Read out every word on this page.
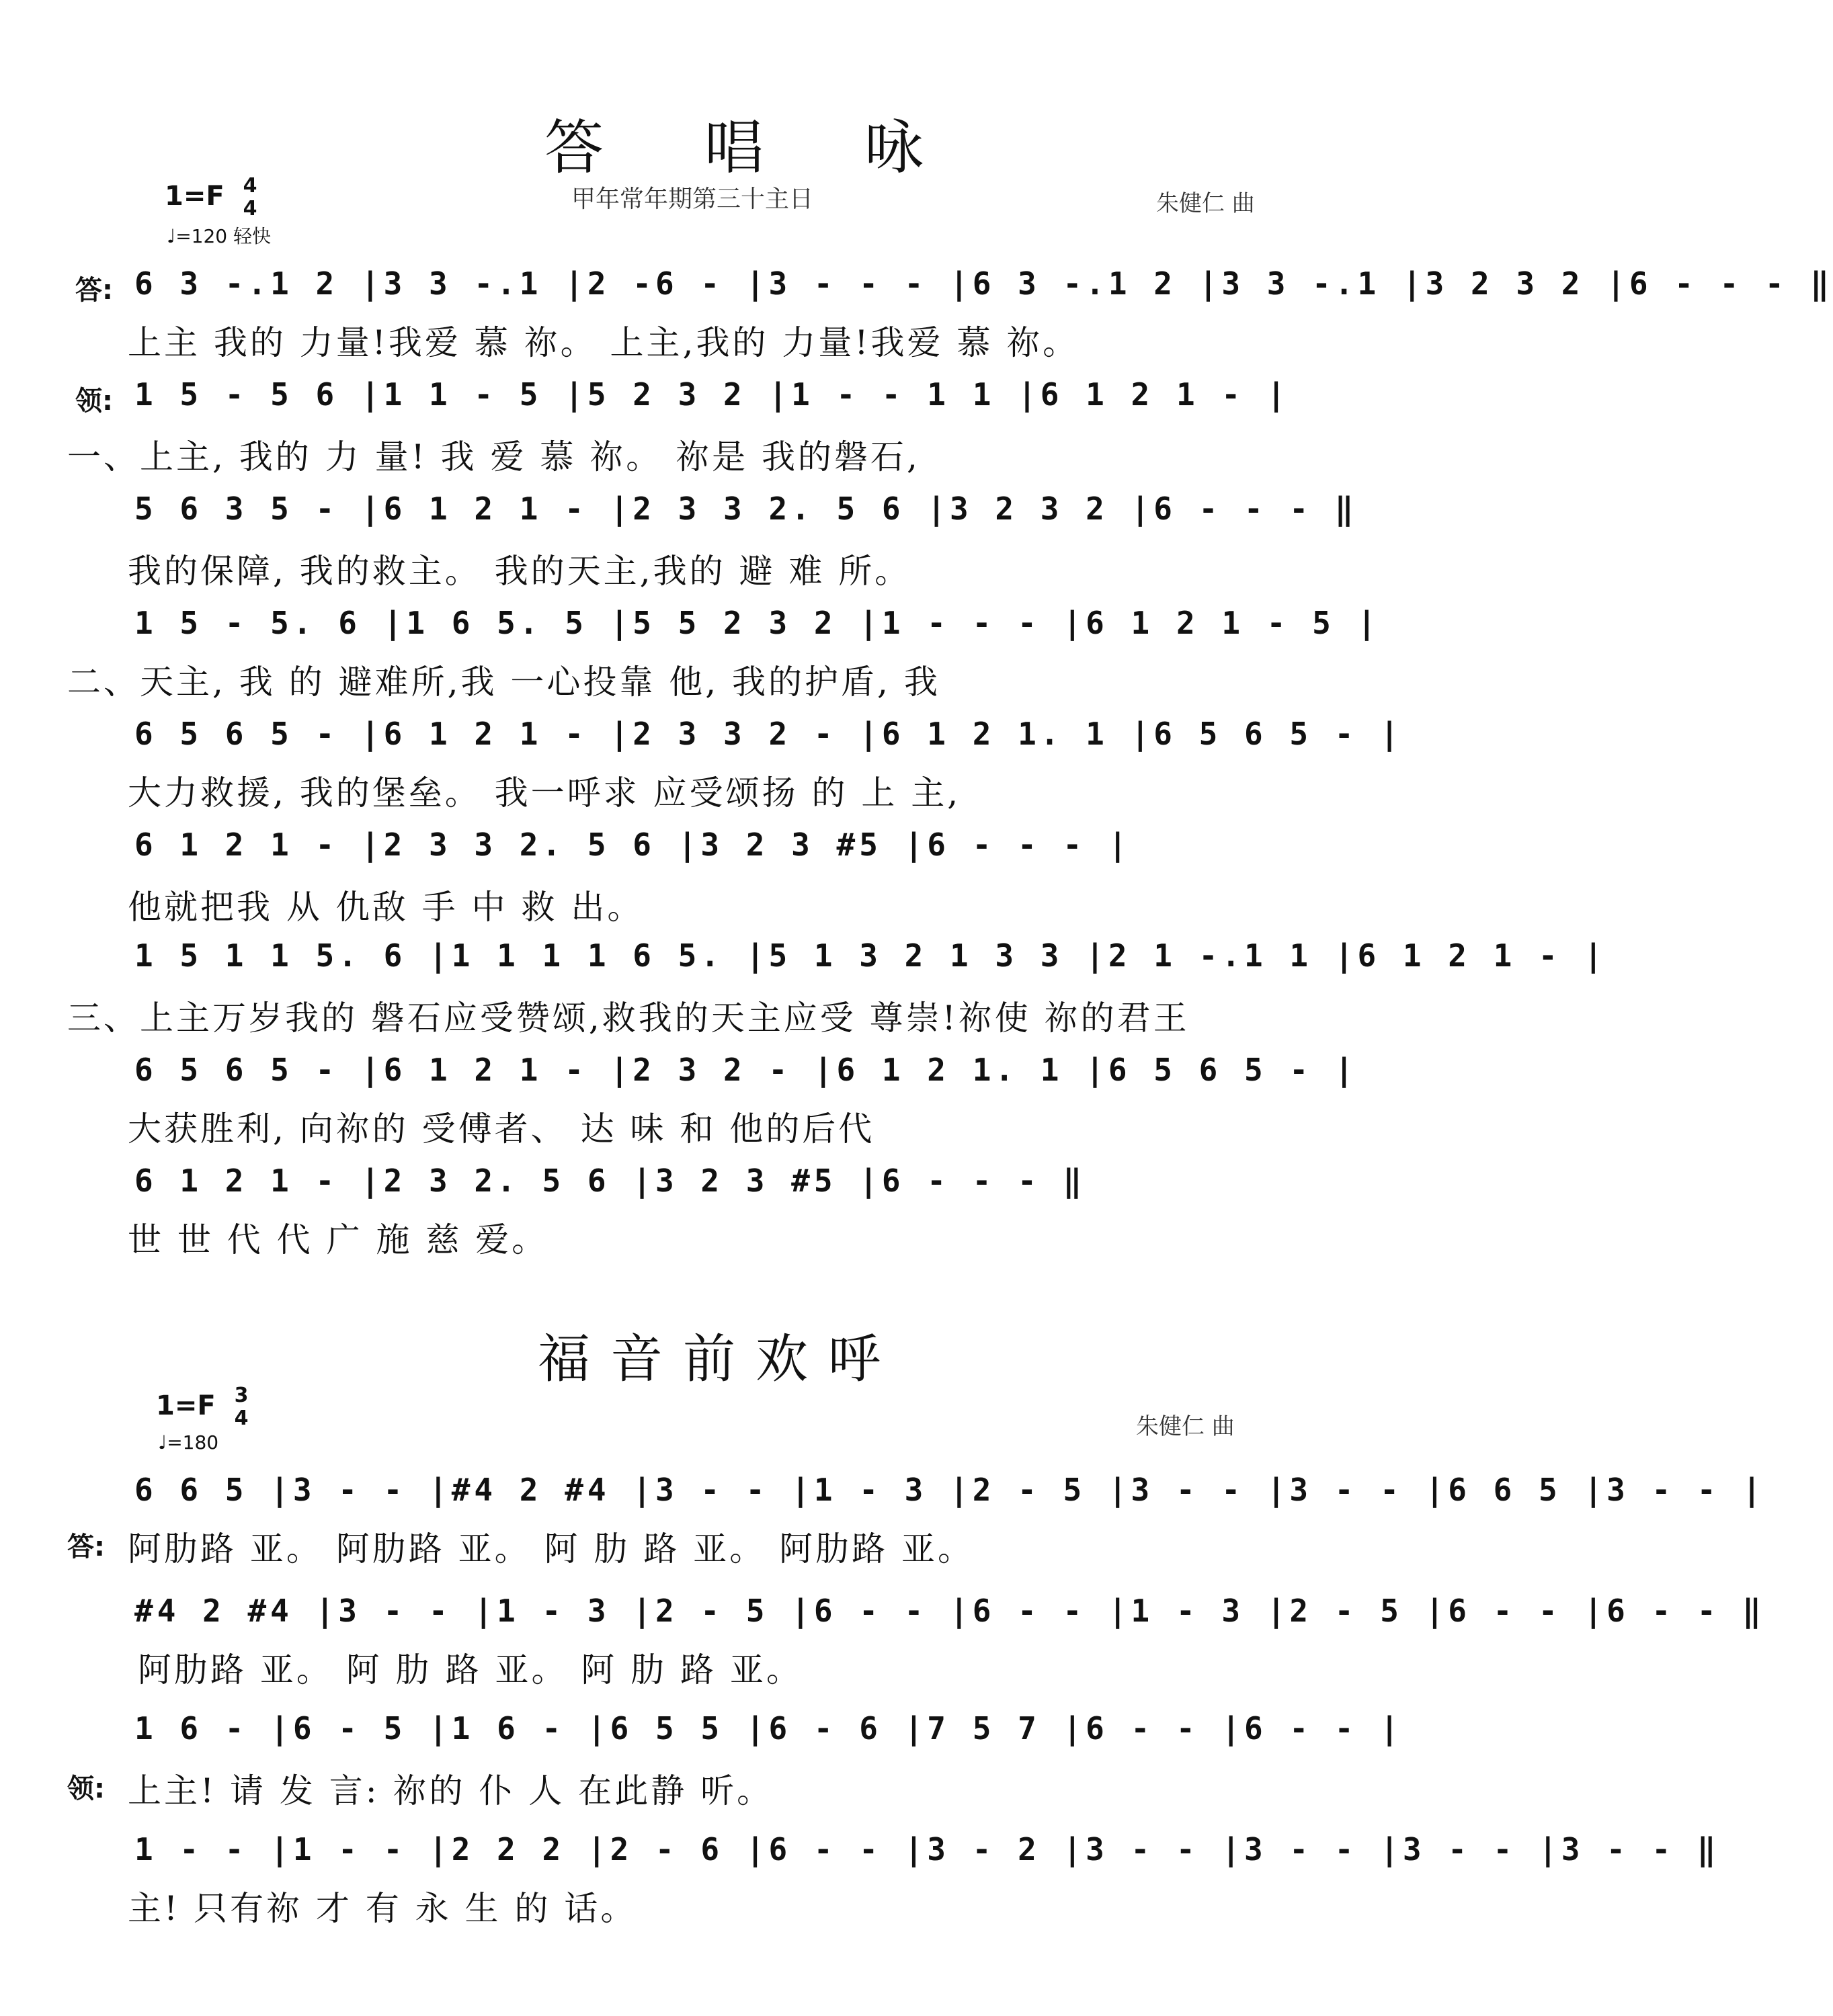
答唱咏
1=F 4
4
♩=120 轻快
甲年常年期第三十主日	朱健仁 曲
答: 6 3 -.1 2 |3 3 -.1 |2 -6 - |3 - - - |6 3 -.1 2 |3 3 -.1 |3 2 3 2 |6 - - - ‖
上主 我的 力量!我爱 慕 祢。 上主,我的 力量!我爱 慕 祢。
领: 1 5 - 5 6 |1 1 - 5 |5 2 3 2 |1 - - 1 1 |6 1 2 1 - |
一、上主, 我的 力 量! 我 爱 慕 祢。 祢是 我的磐石,
5 6 3 5 - |6 1 2 1 - |2 3 3 2. 5 6 |3 2 3 2 |6 - - - ‖
我的保障, 我的救主。 我的天主,我的 避 难 所。
1 5 - 5. 6 |1 6 5. 5 |5 5 2 3 2 |1 - - - |6 1 2 1 - 5 |
二、天主, 我 的 避难所,我 一心投靠 他, 我的护盾, 我
6 5 6 5 - |6 1 2 1 - |2 3 3 2 - |6 1 2 1. 1 |6 5 6 5 - |
大力救援, 我的堡垒。 我一呼求 应受颂扬 的 上 主,
6 1 2 1 - |2 3 3 2. 5 6 |3 2 3 #5 |6 - - - |
他就把我 从 仇敌 手 中 救 出。
1 5 1 1 5. 6 |1 1 1 1 6 5. |5 1 3 2 1 3 3 |2 1 -.1 1 |6 1 2 1 - |
三、上主万岁我的 磐石应受赞颂,救我的天主应受 尊崇!祢使 祢的君王
6 5 6 5 - |6 1 2 1 - |2 3 2 - |6 1 2 1. 1 |6 5 6 5 - |
大获胜利, 向祢的 受傅者、 达 味 和 他的后代
6 1 2 1 - |2 3 2. 5 6 |3 2 3 #5 |6 - - - ‖
世 世 代 代 广 施 慈 爱。
福音前欢呼
1=F 3
4
♩=180
朱健仁 曲
6 6 5 |3 - - |#4 2 #4 |3 - - |1 - 3 |2 - 5 |3 - - |3 - - |6 6 5 |3 - - |
答: 阿肋路 亚。 阿肋路 亚。 阿 肋 路 亚。 阿肋路 亚。
#4 2 #4 |3 - - |1 - 3 |2 - 5 |6 - - |6 - - |1 - 3 |2 - 5 |6 - - |6 - - ‖
阿肋路 亚。 阿 肋 路 亚。 阿 肋 路 亚。
1 6 - |6 - 5 |1 6 - |6 5 5 |6 - 6 |7 5 7 |6 - - |6 - - |
领: 上主! 请 发 言: 祢的 仆 人 在此静 听。
1 - - |1 - - |2 2 2 |2 - 6 |6 - - |3 - 2 |3 - - |3 - - |3 - - |3 - - ‖
主! 只有祢 才 有 永 生 的 话。
